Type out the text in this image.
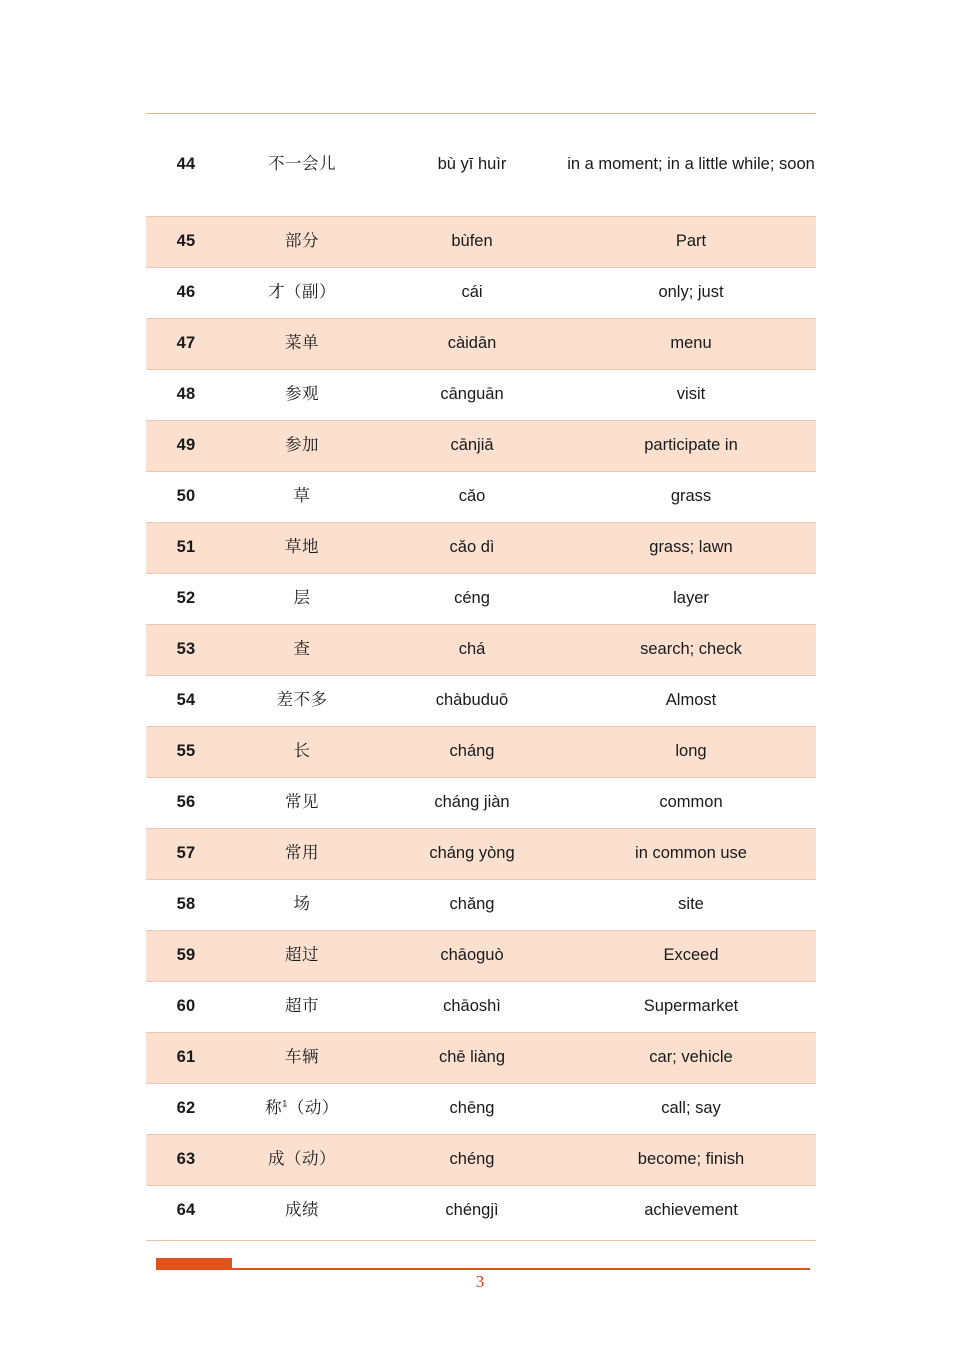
44	不一会儿	bù yī huìr	in a moment; in a little while; soon
45	部分	bùfen	Part
46	才（副）	cái	only; just
47	菜单	càidān	menu
48	参观	cānguān	visit
49	参加	cānjiā	participate in
50	草	cǎo	grass
51	草地	cǎo dì	grass; lawn
52	层	céng	layer
53	查	chá	search; check
54	差不多	chàbuduō	Almost
55	长	cháng	long
56	常见	cháng jiàn	common
57	常用	cháng yòng	in common use
58	场	chǎng	site
59	超过	chāoguò	Exceed
60	超市	chāoshì	Supermarket
61	车辆	chē liàng	car; vehicle
62	称$^1$（动）	chēng	call; say
63	成（动）	chéng	become; finish
64	成绩	chéngjì	achievement
3
